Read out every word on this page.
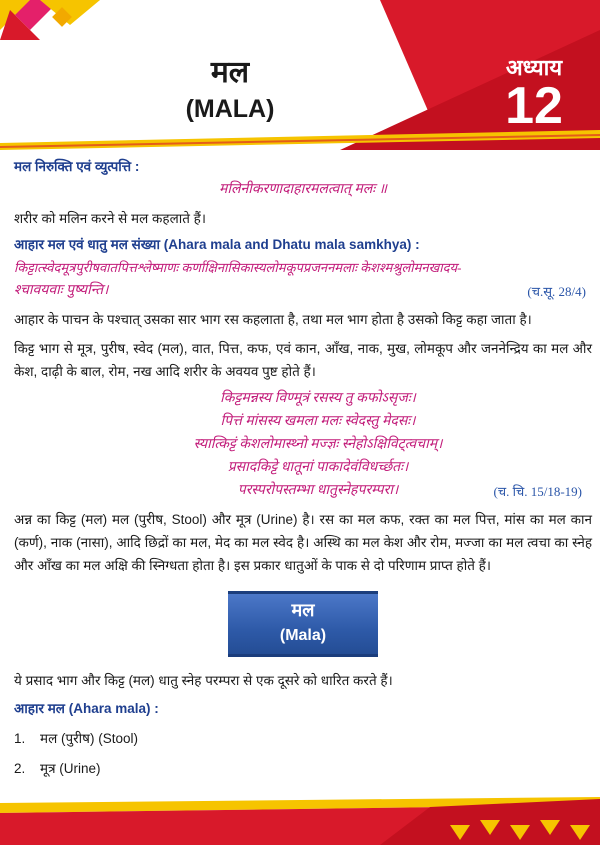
मल
(MALA)
अध्याय
12

मल निरुक्ति एवं व्युत्पत्ति :

मलिनीकरणादाहारमलत्वात् मलः ॥

शरीर को मलिन करने से मल कहलाते हैं।

आहार मल एवं धातु मल संख्या (Ahara mala and Dhatu mala samkhya) :

किट्टात्स्वेदमूत्रपुरीषवातपित्तश्लेष्माणः कर्णाक्षिनासिकास्यलोमकूपप्रजननमलाः केशश्मश्रुलोमनखादय-

श्चावयवाः पुष्यन्ति।	(च.सू. 28/4)

आहार के पाचन के पश्चात् उसका सार भाग रस कहलाता है, तथा मल भाग होता है उसको किट्ट कहा जाता है।

किट्ट भाग से मूत्र, पुरीष, स्वेद (मल), वात, पित्त, कफ, एवं कान, आँख, नाक, मुख, लोमकूप और जननेन्द्रिय का मल और केश, दाढ़ी के बाल, रोम, नख आदि शरीर के अवयव पुष्ट होते हैं।

किट्टमन्नस्य विण्मूत्रं रसस्य तु कफोऽसृजः।
पित्तं मांसस्य खमला मलः स्वेदस्तु मेदसः।
स्यात्किट्टं केशलोमास्थ्नो मज्ज्ञः स्नेहोऽक्षिविट्त्वचाम्।
प्रसादकिट्टे धातूनां पाकादेवंविधर्च्छतः।
परस्परोपस्तम्भा धातुस्नेहपरम्परा।	(च. चि. 15/18-19)

अन्न का किट्ट (मल) मल (पुरीष, Stool) और मूत्र (Urine) है। रस का मल कफ, रक्त का मल पित्त, मांस का मल कान (कर्ण), नाक (नासा), आदि छिद्रों का मल, मेद का मल स्वेद है। अस्थि का मल केश और रोम, मज्जा का मल त्वचा का स्नेह और आँख का मल अक्षि की स्निग्धता होता है। इस प्रकार धातुओं के पाक से दो परिणाम प्राप्त होते हैं।

मल
(Mala)

ये प्रसाद भाग और किट्ट (मल) धातु स्नेह परम्परा से एक दूसरे को धारित करते हैं।

आहार मल (Ahara mala) :

1. मल (पुरीष) (Stool)
2. मूत्र (Urine)
